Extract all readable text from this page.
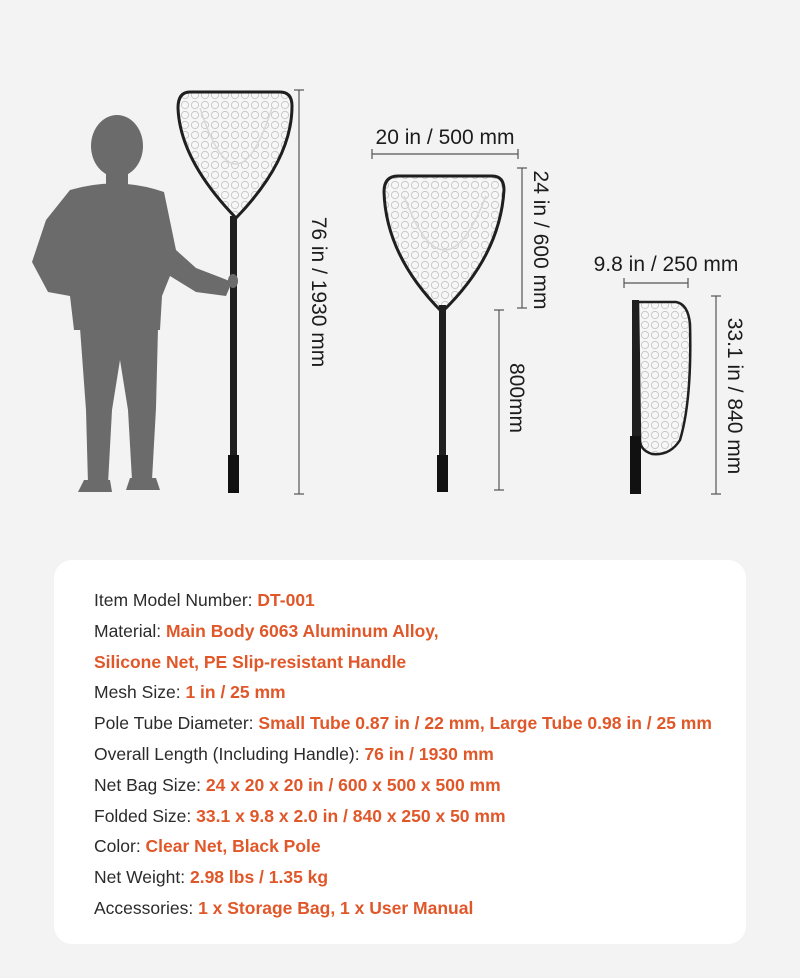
76 in / 1930 mm
20 in / 500 mm
24 in / 600 mm
800mm
9.8 in / 250 mm
33.1 in / 840 mm
Item Model Number: DT-001
Material: Main Body 6063 Aluminum Alloy,
Silicone Net, PE Slip-resistant Handle
Mesh Size: 1 in / 25 mm
Pole Tube Diameter: Small Tube 0.87 in / 22 mm, Large Tube 0.98 in / 25 mm
Overall Length (Including Handle): 76 in / 1930 mm
Net Bag Size: 24 x 20 x 20 in / 600 x 500 x 500 mm
Folded Size: 33.1 x 9.8 x 2.0 in / 840 x 250 x 50 mm
Color: Clear Net, Black Pole
Net Weight: 2.98 lbs / 1.35 kg
Accessories: 1 x Storage Bag, 1 x User Manual
